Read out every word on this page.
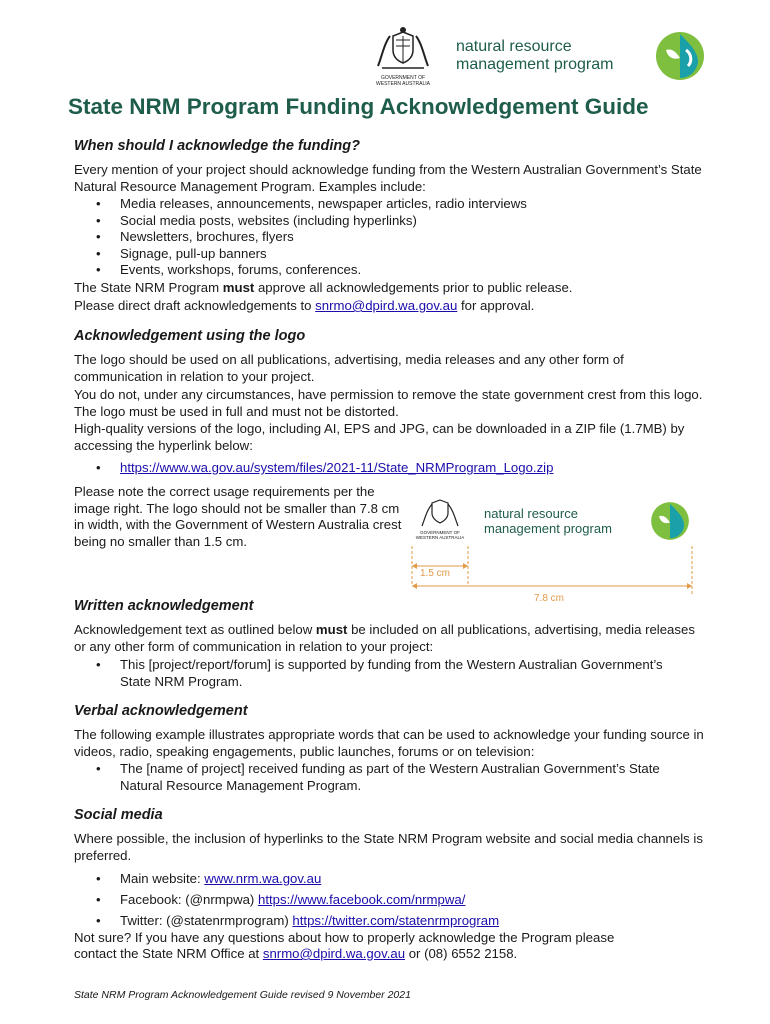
GOVERNMENT OF
WESTERN AUSTRALIA
natural resource
management program
State NRM Program Funding Acknowledgement Guide
When should I acknowledge the funding?

Every mention of your project should acknowledge funding from the Western Australian Government’s State Natural Resource Management Program. Examples include:

• Media releases, announcements, newspaper articles, radio interviews
• Social media posts, websites (including hyperlinks)
• Newsletters, brochures, flyers
• Signage, pull-up banners
• Events, workshops, forums, conferences.

The State NRM Program must approve all acknowledgements prior to public release.

Please direct draft acknowledgements to snrmo@dpird.wa.gov.au for approval.

Acknowledgement using the logo

The logo should be used on all publications, advertising, media releases and any other form of communication in relation to your project.

You do not, under any circumstances, have permission to remove the state government crest from this logo. The logo must be used in full and must not be distorted.

High-quality versions of the logo, including AI, EPS and JPG, can be downloaded in a ZIP file (1.7MB) by accessing the hyperlink below:

• https://www.wa.gov.au/system/files/2021-11/State_NRMProgram_Logo.zip

Please note the correct usage requirements per the image right. The logo should not be smaller than 7.8 cm in width, with the Government of Western Australia crest being no smaller than 1.5 cm.

GOVERNMENT OF
WESTERN AUSTRALIA
natural resource
management program
1.5 cm
7.8 cm
Written acknowledgement

Acknowledgement text as outlined below must be included on all publications, advertising, media releases or any other form of communication in relation to your project:

• This [project/report/forum] is supported by funding from the Western Australian Government’s State NRM Program.
Verbal acknowledgement

The following example illustrates appropriate words that can be used to acknowledge your funding source in videos, radio, speaking engagements, public launches, forums or on television:

• The [name of project] received funding as part of the Western Australian Government’s State Natural Resource Management Program.
Social media

Where possible, the inclusion of hyperlinks to the State NRM Program website and social media channels is preferred.

• Main website: www.nrm.wa.gov.au
• Facebook: (@nrmpwa) https://www.facebook.com/nrmpwa/
• Twitter: (@statenrmprogram) https://twitter.com/statenrmprogram

Not sure? If you have any questions about how to properly acknowledge the Program please

contact the State NRM Office at snrmo@dpird.wa.gov.au or (08) 6552 2158.

State NRM Program Acknowledgement Guide revised 9 November 2021
